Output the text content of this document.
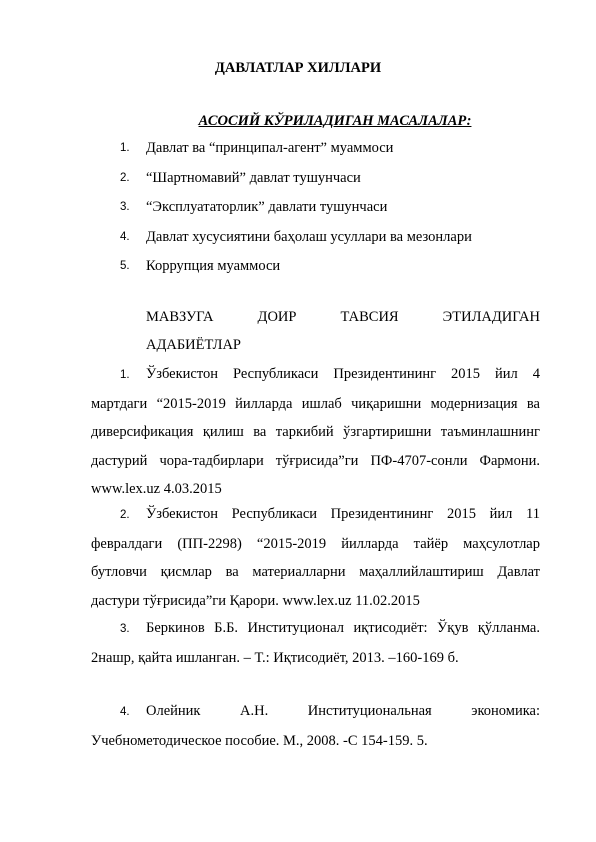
ДАВЛАТЛАР ХИЛЛАРИ
АСОСИЙ КЎРИЛАДИГАН МАСАЛАЛАР:
1. Давлат ва “принципал-агент” муаммоси
2. “Шартномавий” давлат тушунчаси
3. “Эксплуататорлик” давлати тушунчаси
4. Давлат хусусиятини баҳолаш усуллари ва мезонлари
5. Коррупция муаммоси
МАВЗУГА ДОИР ТАВСИЯ ЭТИЛАДИГАН
АДАБИЁТЛАР
1. Ўзбекистон Республикаси Президентининг 2015 йил 4 мартдаги “2015-2019 йилларда ишлаб чиқаришни модернизация ва диверсификация қилиш ва таркибий ўзгартиришни таъминлашнинг дастурий чора-тадбирлари тўғрисида”ги ПФ-4707-сонли Фармони. www.lex.uz 4.03.2015
2. Ўзбекистон Республикаси Президентининг 2015 йил 11 февралдаги (ПП-2298) “2015-2019 йилларда тайёр маҳсулотлар бутловчи қисмлар ва материалларни маҳаллийлаштириш Давлат дастури тўғрисида”ги Қарори. www.lex.uz 11.02.2015
3. Беркинов Б.Б. Институционал иқтисодиёт: Ўқув қўлланма. 2нашр, қайта ишланган. – Т.: Иқтисодиёт, 2013. –160-169 б.
4. Олейник А.Н. Институциональная экономика: Учебнометодическое пособие. М., 2008. -С 154-159. 5.
